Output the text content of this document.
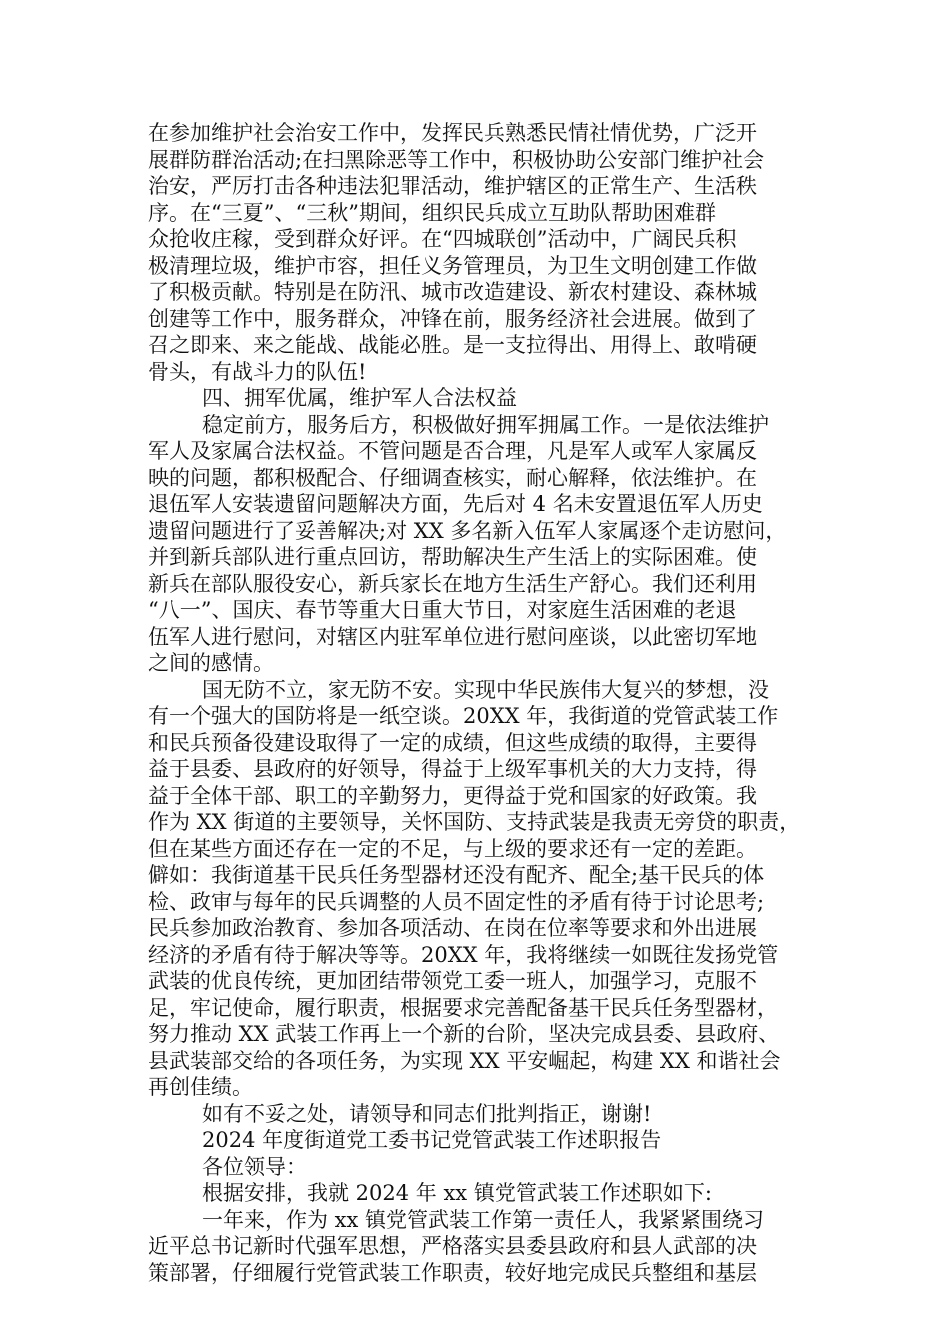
在参加维护社会治安工作中，发挥民兵熟悉民情社情优势，广泛开
展群防群治活动;在扫黑除恶等工作中，积极协助公安部门维护社会
治安，严厉打击各种违法犯罪活动，维护辖区的正常生产、生活秩
序。在“三夏”、“三秋”期间，组织民兵成立互助队帮助困难群
众抢收庄稼，受到群众好评。在“四城联创”活动中，广阔民兵积
极清理垃圾，维护市容，担任义务管理员，为卫生文明创建工作做
了积极贡献。特别是在防汛、城市改造建设、新农村建设、森林城
创建等工作中，服务群众，冲锋在前，服务经济社会进展。做到了
召之即来、来之能战、战能必胜。是一支拉得出、用得上、敢啃硬
骨头，有战斗力的队伍!
四、拥军优属，维护军人合法权益
稳定前方，服务后方，积极做好拥军拥属工作。一是依法维护
军人及家属合法权益。不管问题是否合理，凡是军人或军人家属反
映的问题，都积极配合、仔细调查核实，耐心解释，依法维护。在
退伍军人安装遗留问题解决方面，先后对 4 名未安置退伍军人历史
遗留问题进行了妥善解决;对 XX 多名新入伍军人家属逐个走访慰问，
并到新兵部队进行重点回访，帮助解决生产生活上的实际困难。使
新兵在部队服役安心，新兵家长在地方生活生产舒心。我们还利用
“八一”、国庆、春节等重大日重大节日，对家庭生活困难的老退
伍军人进行慰问，对辖区内驻军单位进行慰问座谈，以此密切军地
之间的感情。
国无防不立，家无防不安。实现中华民族伟大复兴的梦想，没
有一个强大的国防将是一纸空谈。20XX 年，我街道的党管武装工作
和民兵预备役建设取得了一定的成绩，但这些成绩的取得，主要得
益于县委、县政府的好领导，得益于上级军事机关的大力支持，得
益于全体干部、职工的辛勤努力，更得益于党和国家的好政策。我
作为 XX 街道的主要领导，关怀国防、支持武装是我责无旁贷的职责，
但在某些方面还存在一定的不足，与上级的要求还有一定的差距。
僻如：我街道基干民兵任务型器材还没有配齐、配全;基干民兵的体
检、政审与每年的民兵调整的人员不固定性的矛盾有待于讨论思考;
民兵参加政治教育、参加各项活动、在岗在位率等要求和外出进展
经济的矛盾有待于解决等等。20XX 年，我将继续一如既往发扬党管
武装的优良传统，更加团结带领党工委一班人，加强学习，克服不
足，牢记使命，履行职责，根据要求完善配备基干民兵任务型器材，
努力推动 XX 武装工作再上一个新的台阶，坚决完成县委、县政府、
县武装部交给的各项任务，为实现 XX 平安崛起，构建 XX 和谐社会
再创佳绩。
如有不妥之处，请领导和同志们批判指正，谢谢!
2024 年度街道党工委书记党管武装工作述职报告
各位领导：
根据安排，我就 2024 年 xx 镇党管武装工作述职如下:
一年来，作为 xx 镇党管武装工作第一责任人，我紧紧围绕习
近平总书记新时代强军思想，严格落实县委县政府和县人武部的决
策部署，仔细履行党管武装工作职责，较好地完成民兵整组和基层
